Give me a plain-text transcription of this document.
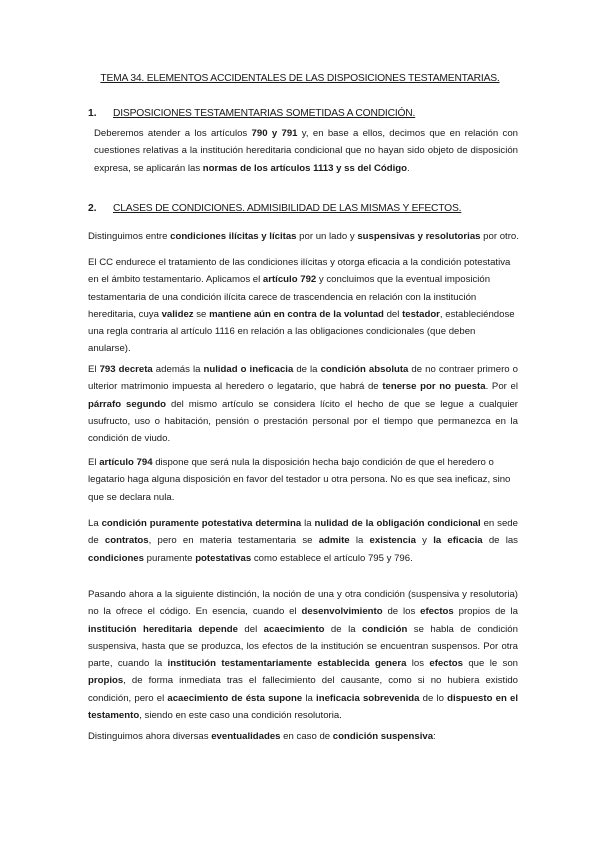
TEMA 34. ELEMENTOS ACCIDENTALES DE LAS DISPOSICIONES TESTAMENTARIAS.
1. DISPOSICIONES TESTAMENTARIAS SOMETIDAS A CONDICIÓN.

Deberemos atender a los artículos 790 y 791 y, en base a ellos, decimos que en relación con cuestiones relativas a la institución hereditaria condicional que no hayan sido objeto de disposición expresa, se aplicarán las normas de los artículos 1113 y ss del Código.

2. CLASES DE CONDICIONES. ADMISIBILIDAD DE LAS MISMAS Y EFECTOS.

Distinguimos entre condiciones ilícitas y lícitas por un lado y suspensivas y resolutorias por otro.

El CC endurece el tratamiento de las condiciones ilícitas y otorga eficacia a la condición potestativa en el ámbito testamentario. Aplicamos el artículo 792 y concluimos que la eventual imposición testamentaria de una condición ilícita carece de trascendencia en relación con la institución hereditaria, cuya validez se mantiene aún en contra de la voluntad del testador, estableciéndose una regla contraria al artículo 1116 en relación a las obligaciones condicionales (que deben anularse).

El 793 decreta además la nulidad o ineficacia de la condición absoluta de no contraer primero o ulterior matrimonio impuesta al heredero o legatario, que habrá de tenerse por no puesta. Por el párrafo segundo del mismo artículo se considera lícito el hecho de que se legue a cualquier usufructo, uso o habitación, pensión o prestación personal por el tiempo que permanezca en la condición de viudo.

El artículo 794 dispone que será nula la disposición hecha bajo condición de que el heredero o legatario haga alguna disposición en favor del testador u otra persona. No es que sea ineficaz, sino que se declara nula.

La condición puramente potestativa determina la nulidad de la obligación condicional en sede de contratos, pero en materia testamentaria se admite la existencia y la eficacia de las condiciones puramente potestativas como establece el artículo 795 y 796.

Pasando ahora a la siguiente distinción, la noción de una y otra condición (suspensiva y resolutoria) no la ofrece el código. En esencia, cuando el desenvolvimiento de los efectos propios de la institución hereditaria depende del acaecimiento de la condición se habla de condición suspensiva, hasta que se produzca, los efectos de la institución se encuentran suspensos. Por otra parte, cuando la institución testamentariamente establecida genera los efectos que le son propios, de forma inmediata tras el fallecimiento del causante, como si no hubiera existido condición, pero el acaecimiento de ésta supone la ineficacia sobrevenida de lo dispuesto en el testamento, siendo en este caso una condición resolutoria.

Distinguimos ahora diversas eventualidades en caso de condición suspensiva:
